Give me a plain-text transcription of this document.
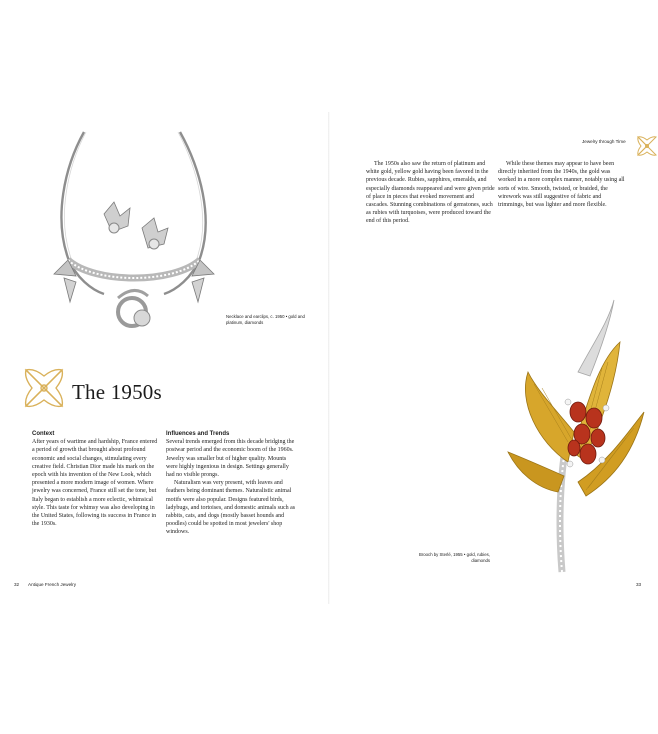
Necklace and earclips, c. 1950 • gold and platinum, diamonds
The 1950s
Context

After years of wartime and hardship, France entered a period of growth that brought about profound economic and social changes, stimulating every creative field. Christian Dior made his mark on the epoch with his invention of the New Look, which presented a more modern image of women. Where jewelry was concerned, France still set the tone, but Italy began to establish a more eclectic, whimsical style. This taste for whimsy was also developing in the United States, following its success in France in the 1930s.

Influences and Trends

Several trends emerged from this decade bridging the postwar period and the economic boom of the 1960s. Jewelry was smaller but of higher quality. Mounts were highly ingenious in design. Settings generally had no visible prongs.

Naturalism was very present, with leaves and feathers being dominant themes. Naturalistic animal motifs were also popular. Designs featured birds, ladybugs, and tortoises, and domestic animals such as rabbits, cats, and dogs (mostly basset hounds and poodles) could be spotted in most jewelers' shop windows.

32 Antique French Jewelry
Jewelry through Time

The 1950s also saw the return of platinum and white gold, yellow gold having been favored in the previous decade. Rubies, sapphires, emeralds, and especially diamonds reappeared and were given pride of place in pieces that evoked movement and cascades. Stunning combinations of gemstones, such as rubies with turquoises, were produced toward the end of this period.

While these themes may appear to have been directly inherited from the 1940s, the gold was worked in a more complex manner, notably using all sorts of wire. Smooth, twisted, or braided, the wirework was still suggestive of fabric and trimmings, but was lighter and more flexible.

Brooch by Sterlé, 1955 • gold, rubies, diamonds
33
